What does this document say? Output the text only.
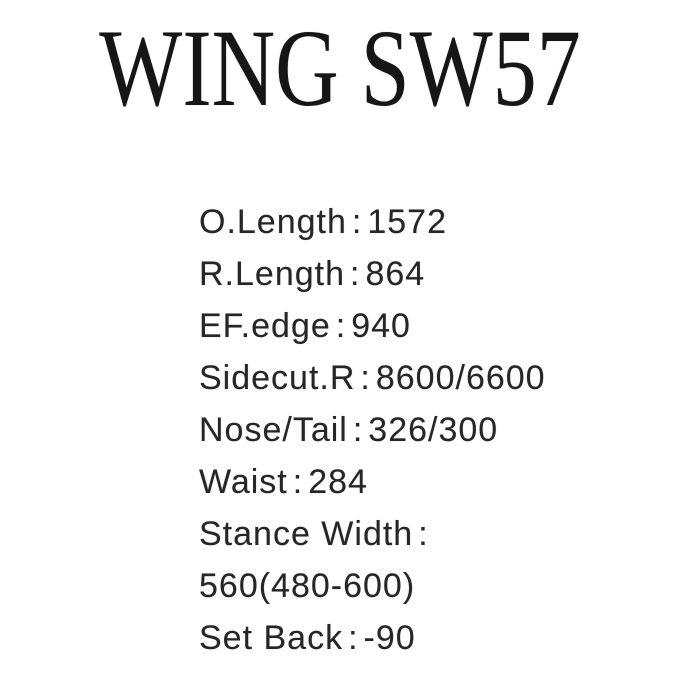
WING SW57
O.Length : 1572
R.Length : 864
EF.edge : 940
Sidecut.R : 8600/6600
Nose/Tail : 326/300
Waist : 284
Stance Width :
560(480-600)
Set Back : -90
